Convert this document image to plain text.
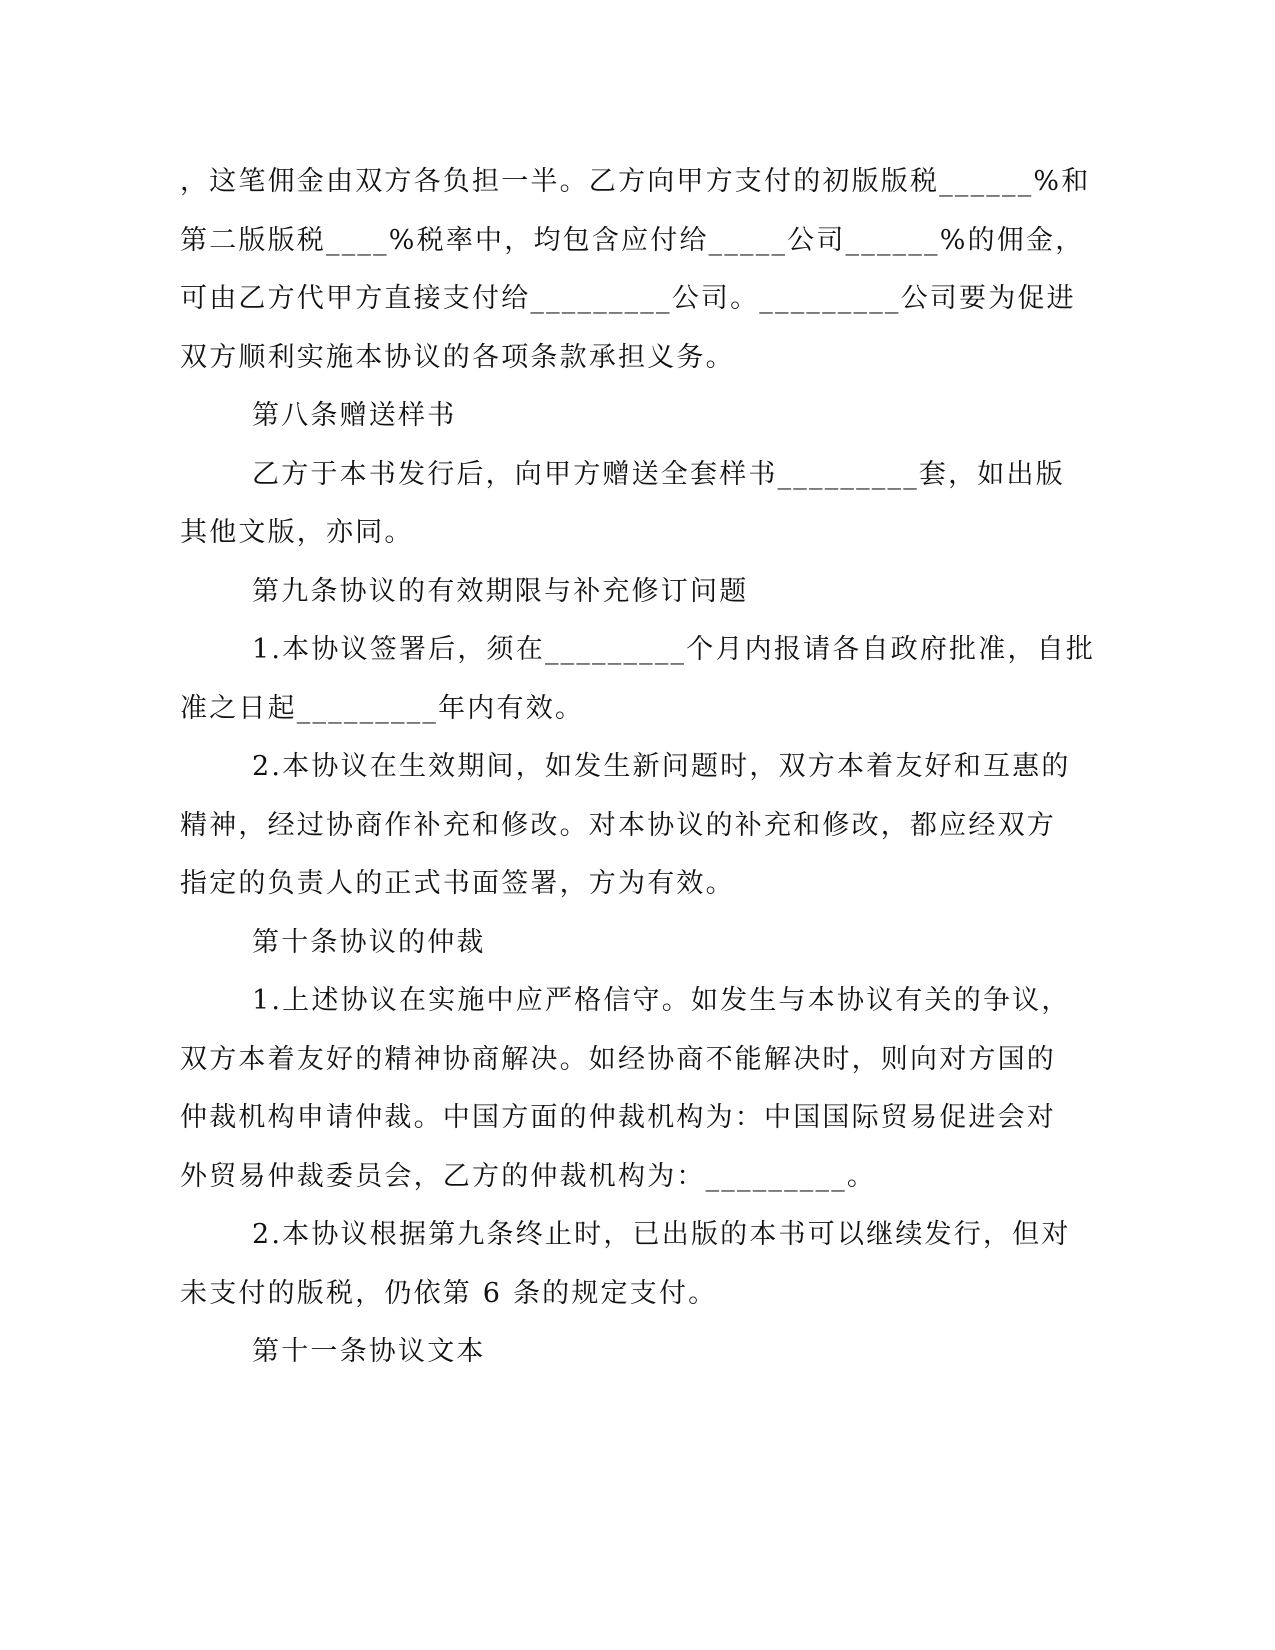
，这笔佣金由双方各负担一半。乙方向甲方支付的初版版税______%和
第二版版税____%税率中，均包含应付给_____公司______%的佣金，
可由乙方代甲方直接支付给_________公司。_________公司要为促进
双方顺利实施本协议的各项条款承担义务。
第八条赠送样书
乙方于本书发行后，向甲方赠送全套样书_________套，如出版
其他文版，亦同。
第九条协议的有效期限与补充修订问题
1.本协议签署后，须在_________个月内报请各自政府批准，自批
准之日起_________年内有效。
2.本协议在生效期间，如发生新问题时，双方本着友好和互惠的
精神，经过协商作补充和修改。对本协议的补充和修改，都应经双方
指定的负责人的正式书面签署，方为有效。
第十条协议的仲裁
1.上述协议在实施中应严格信守。如发生与本协议有关的争议，
双方本着友好的精神协商解决。如经协商不能解决时，则向对方国的
仲裁机构申请仲裁。中国方面的仲裁机构为：中国国际贸易促进会对
外贸易仲裁委员会，乙方的仲裁机构为：_________。
2.本协议根据第九条终止时，已出版的本书可以继续发行，但对
未支付的版税，仍依第 6 条的规定支付。
第十一条协议文本
